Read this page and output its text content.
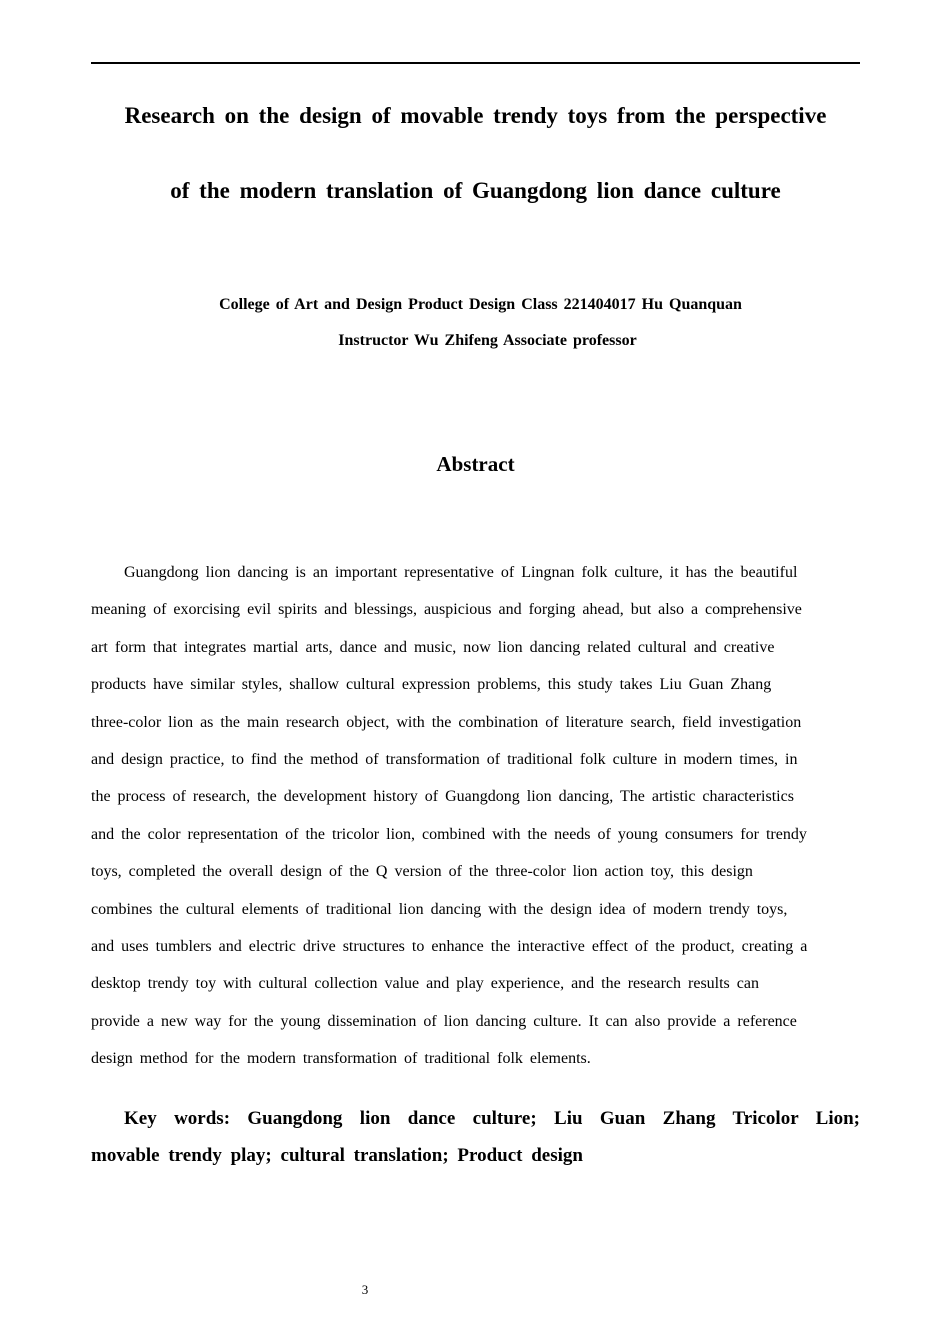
Research on the design of movable trendy toys from the perspective
of the modern translation of Guangdong lion dance culture
College of Art and Design Product Design Class 221404017 Hu Quanquan
Instructor Wu Zhifeng Associate professor
Abstract
Guangdong lion dancing is an important representative of Lingnan folk culture, it has the beautiful
meaning of exorcising evil spirits and blessings, auspicious and forging ahead, but also a comprehensive
art form that integrates martial arts, dance and music, now lion dancing related cultural and creative
products have similar styles, shallow cultural expression problems, this study takes Liu Guan Zhang
three-color lion as the main research object, with the combination of literature search, field investigation
and design practice, to find the method of transformation of traditional folk culture in modern times, in
the process of research, the development history of Guangdong lion dancing, The artistic characteristics
and the color representation of the tricolor lion, combined with the needs of young consumers for trendy
toys, completed the overall design of the Q version of the three-color lion action toy, this design
combines the cultural elements of traditional lion dancing with the design idea of modern trendy toys,
and uses tumblers and electric drive structures to enhance the interactive effect of the product, creating a
desktop trendy toy with cultural collection value and play experience, and the research results can
provide a new way for the young dissemination of lion dancing culture. It can also provide a reference
design method for the modern transformation of traditional folk elements.
Key words: Guangdong lion dance culture; Liu Guan Zhang Tricolor Lion;
movable trendy play; cultural translation; Product design
3
